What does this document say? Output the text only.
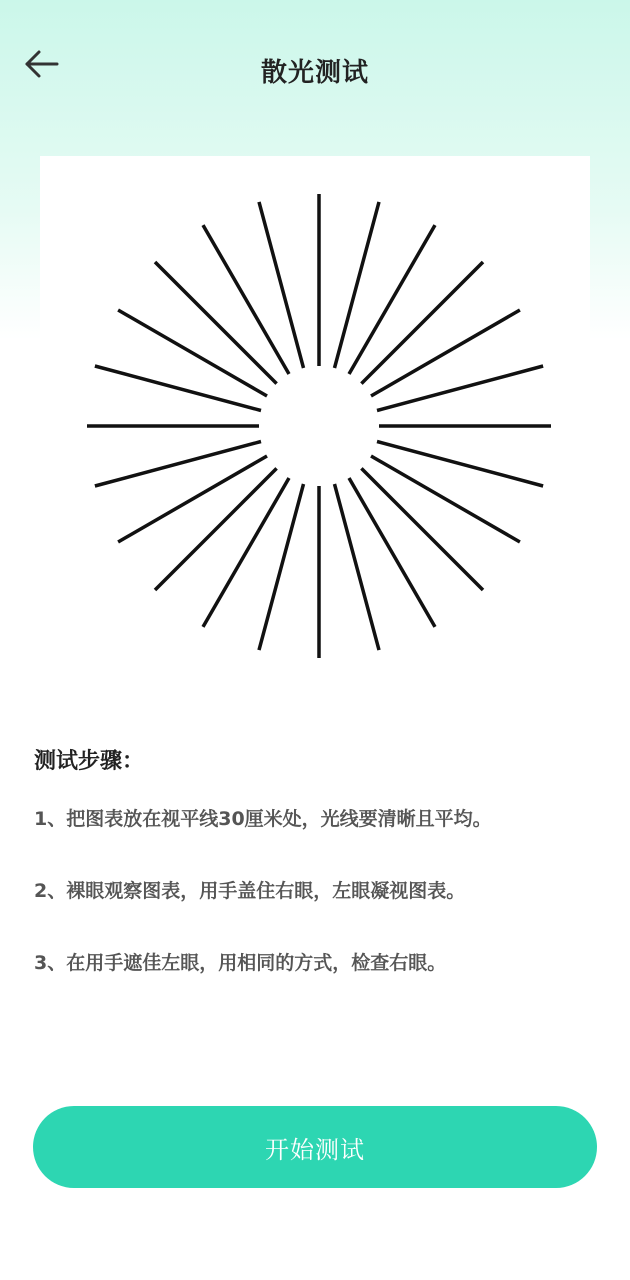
散光测试
测试步骤：
1、把图表放在视平线30厘米处，光线要清晰且平均。
2、裸眼观察图表，用手盖住右眼，左眼凝视图表。
3、在用手遮佳左眼，用相同的方式，检查右眼。
开始测试
